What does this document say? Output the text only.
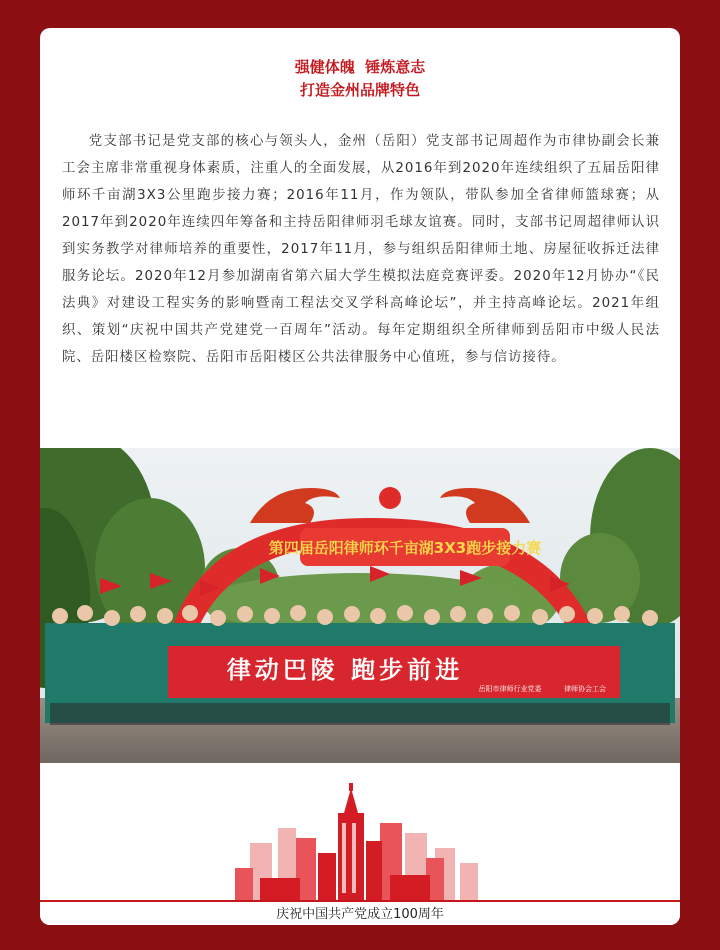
强健体魄  锤炼意志
打造金州品牌特色

党支部书记是党支部的核心与领头人，金州（岳阳）党支部书记周超作为市律协副会长兼工会主席非常重视身体素质，注重人的全面发展，从2016年到2020年连续组织了五届岳阳律师环千亩湖3X3公里跑步接力赛；2016年11月，作为领队，带队参加全省律师篮球赛；从2017年到2020年连续四年筹备和主持岳阳律师羽毛球友谊赛。同时，支部书记周超律师认识到实务教学对律师培养的重要性，2017年11月，参与组织岳阳律师土地、房屋征收拆迁法律服务论坛。2020年12月参加湖南省第六届大学生模拟法庭竞赛评委。2020年12月协办“《民法典》对建设工程实务的影响暨南工程法交叉学科高峰论坛”，并主持高峰论坛。2021年组织、策划“庆祝中国共产党建党一百周年”活动。每年定期组织全所律师到岳阳市中级人民法院、岳阳楼区检察院、岳阳市岳阳楼区公共法律服务中心值班，参与信访接待。

第四届岳阳律师环千亩湖3X3跑步接力赛
律动巴陵 跑步前进
岳阳市律师行业党委	律师协会工会
庆祝中国共产党成立100周年
